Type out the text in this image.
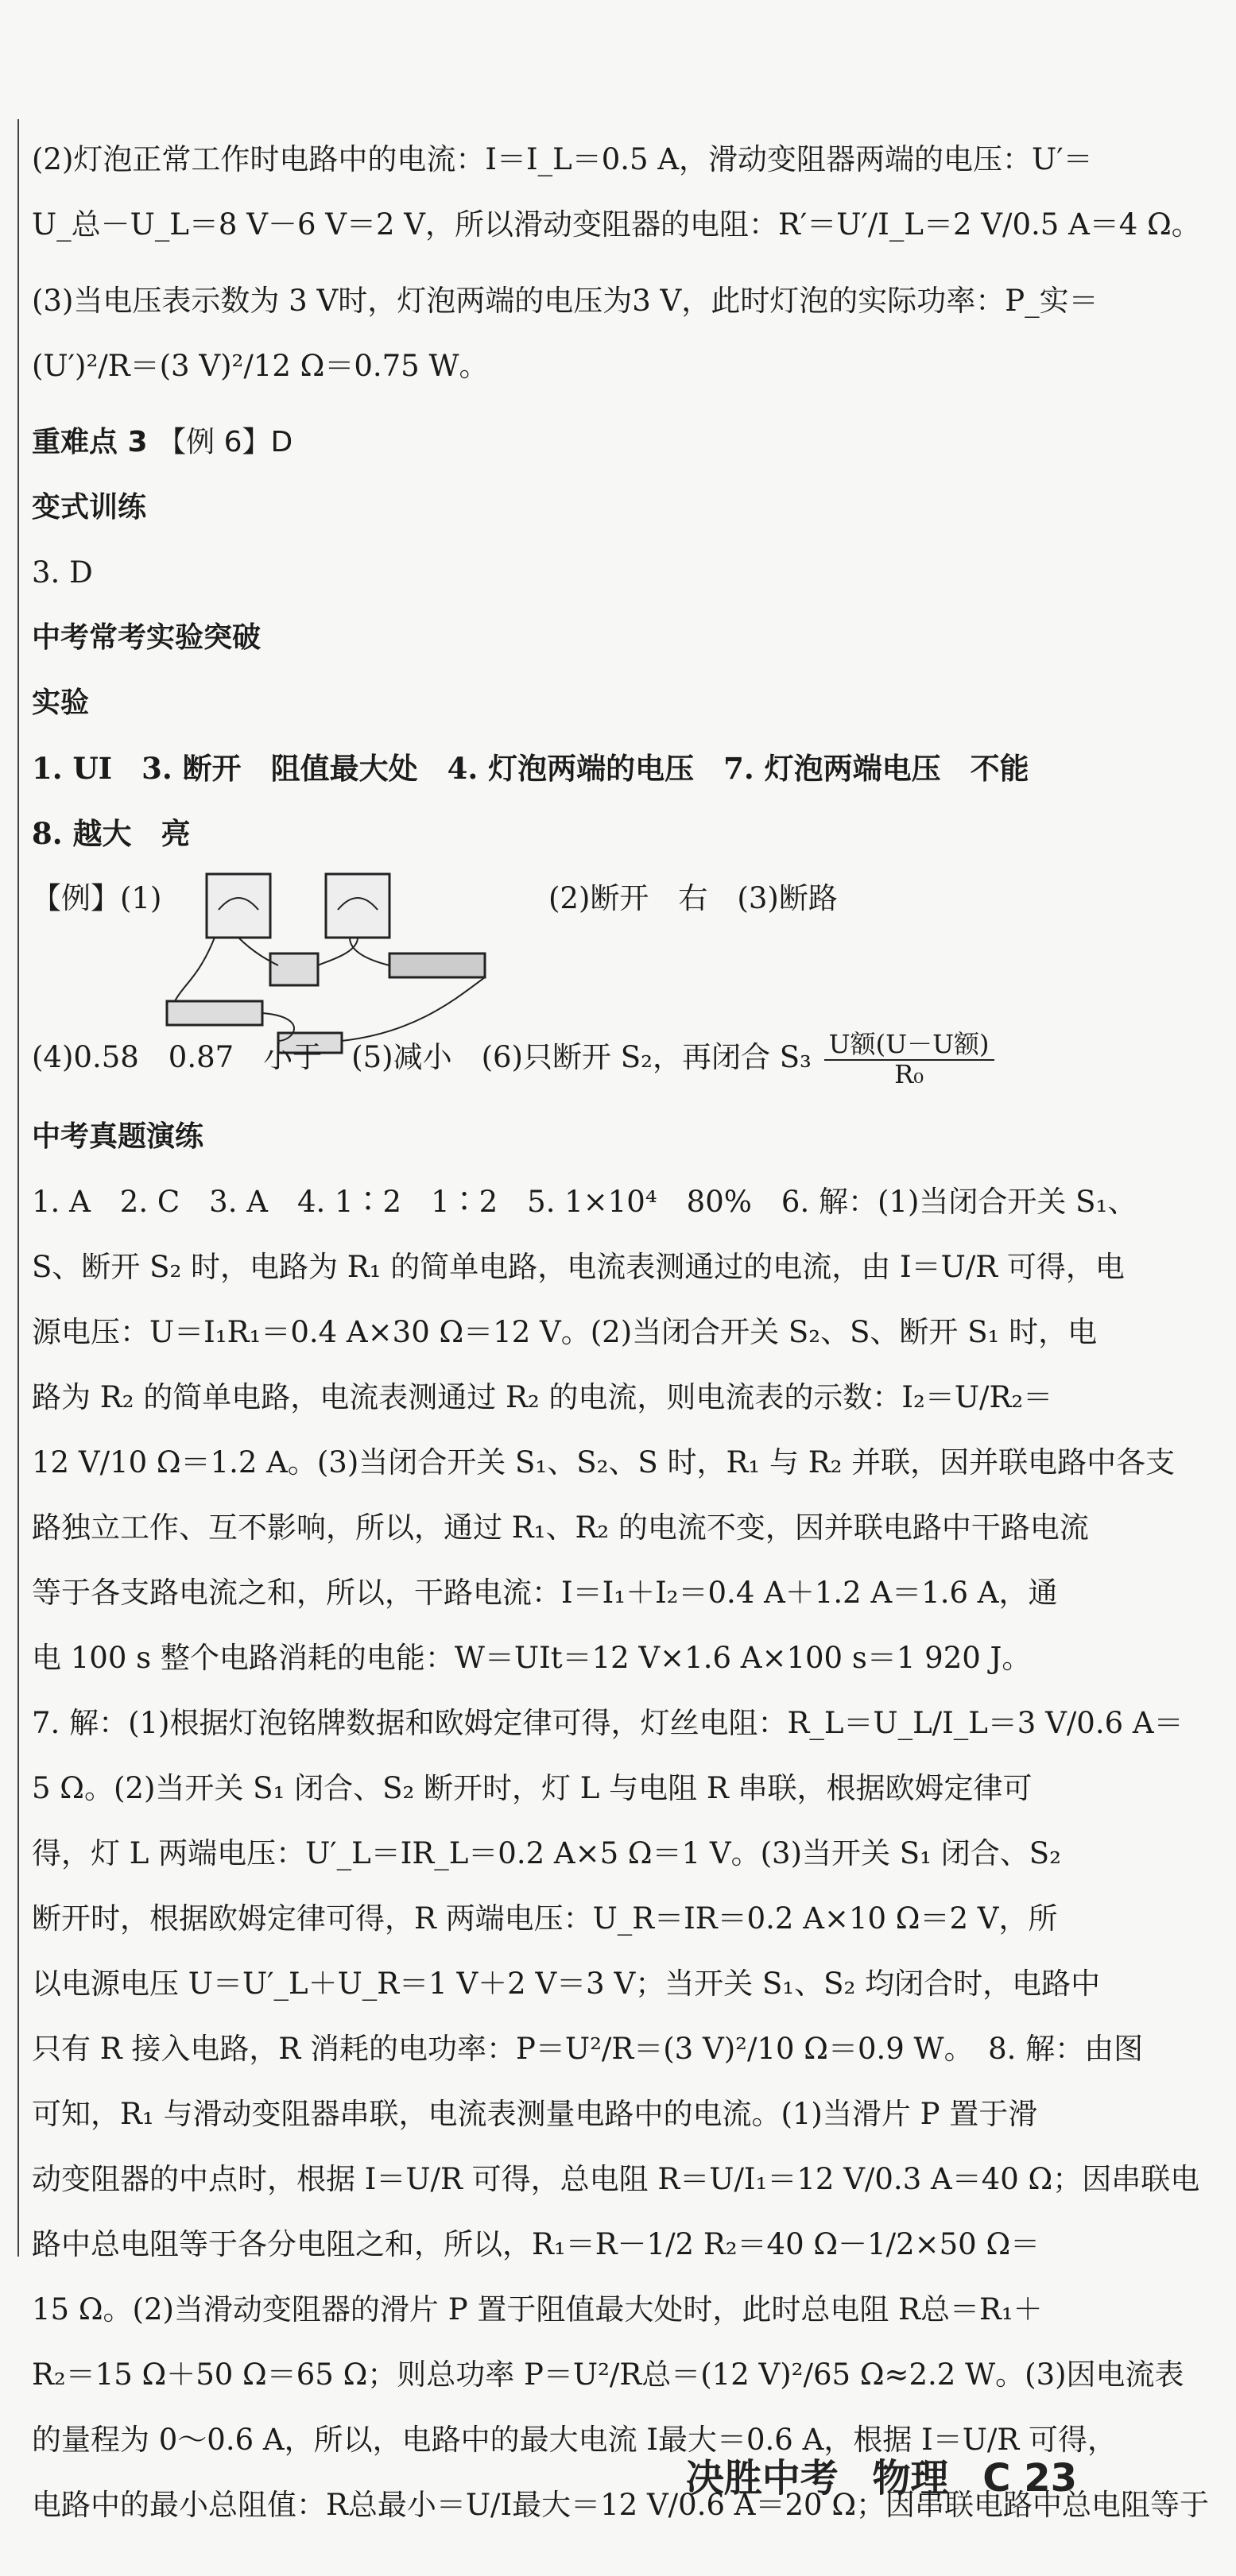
(2)灯泡正常工作时电路中的电流：I＝I_L＝0.5 A，滑动变阻器两端的电压：U′＝
U_总－U_L＝8 V－6 V＝2 V，所以滑动变阻器的电阻：R′＝U′/I_L＝2 V/0.5 A＝4 Ω。
(3)当电压表示数为 3 V时，灯泡两端的电压为3 V，此时灯泡的实际功率：P_实＝
(U′)²/R＝(3 V)²/12 Ω＝0.75 W。
重难点 3 【例 6】D
变式训练
3. D
中考常考实验突破
实验
1. UI　3. 断开　阻值最大处　4. 灯泡两端的电压　7. 灯泡两端电压　不能
8. 越大　亮
【例】(1)	(2)断开　右　(3)断路
(4)0.58　0.87　小于　(5)减小　(6)只断开 S₂，再闭合 $S_3 \frac{\text{U额(U－U额)}}{\text{R₀}}$
中考真题演练
1. A　2. C　3. A　4. 1∶2　1∶2　5. 1×10⁴　80%　6. 解：(1)当闭合开关 S₁、
S、断开 S₂ 时，电路为 R₁ 的简单电路，电流表测通过的电流，由 I＝U/R 可得，电
源电压：U＝I₁R₁＝0.4 A×30 Ω＝12 V。(2)当闭合开关 S₂、S、断开 S₁ 时，电
路为 R₂ 的简单电路，电流表测通过 R₂ 的电流，则电流表的示数：I₂＝U/R₂＝
12 V/10 Ω＝1.2 A。(3)当闭合开关 S₁、S₂、S 时，R₁ 与 R₂ 并联，因并联电路中各支
路独立工作、互不影响，所以，通过 R₁、R₂ 的电流不变，因并联电路中干路电流
等于各支路电流之和，所以，干路电流：I＝I₁＋I₂＝0.4 A＋1.2 A＝1.6 A，通
电 100 s 整个电路消耗的电能：W＝UIt＝12 V×1.6 A×100 s＝1 920 J。
7. 解：(1)根据灯泡铭牌数据和欧姆定律可得，灯丝电阻：R_L＝U_L/I_L＝3 V/0.6 A＝
5 Ω。(2)当开关 S₁ 闭合、S₂ 断开时，灯 L 与电阻 R 串联，根据欧姆定律可
得，灯 L 两端电压：U′_L＝IR_L＝0.2 A×5 Ω＝1 V。(3)当开关 S₁ 闭合、S₂
断开时，根据欧姆定律可得，R 两端电压：U_R＝IR＝0.2 A×10 Ω＝2 V，所
以电源电压 U＝U′_L＋U_R＝1 V＋2 V＝3 V；当开关 S₁、S₂ 均闭合时，电路中
只有 R 接入电路，R 消耗的电功率：P＝U²/R＝(3 V)²/10 Ω＝0.9 W。　8. 解：由图
可知，R₁ 与滑动变阻器串联，电流表测量电路中的电流。(1)当滑片 P 置于滑
动变阻器的中点时，根据 I＝U/R 可得，总电阻 R＝U/I₁＝12 V/0.3 A＝40 Ω；因串联电
路中总电阻等于各分电阻之和，所以，R₁＝R－1/2 R₂＝40 Ω－1/2×50 Ω＝
15 Ω。(2)当滑动变阻器的滑片 P 置于阻值最大处时，此时总电阻 R总＝R₁＋
R₂＝15 Ω＋50 Ω＝65 Ω；则总功率 P＝U²/R总＝(12 V)²/65 Ω≈2.2 W。(3)因电流表
的量程为 0～0.6 A，所以，电路中的最大电流 I最大＝0.6 A，根据 I＝U/R 可得，
电路中的最小总阻值：R总最小＝U/I最大＝12 V/0.6 A＝20 Ω；因串联电路中总电阻等于
决胜中考 物理 C 23
